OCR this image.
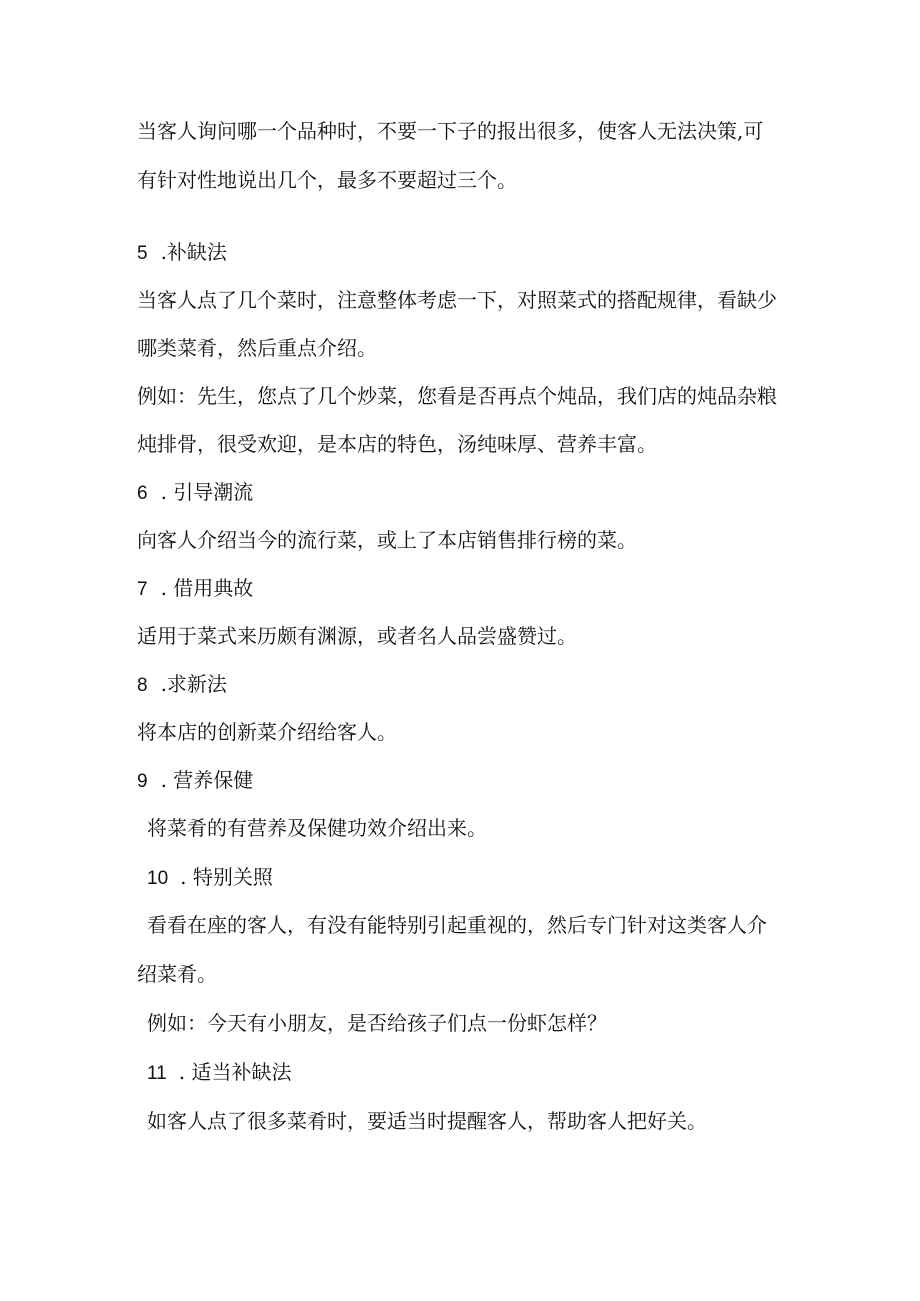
当客人询问哪一个品种时，不要一下子的报出很多，使客人无法决策,可
有针对性地说出几个，最多不要超过三个。
5 .补缺法
当客人点了几个菜时，注意整体考虑一下，对照菜式的搭配规律，看缺少
哪类菜肴，然后重点介绍。
例如：先生，您点了几个炒菜，您看是否再点个炖品，我们店的炖品杂粮
炖排骨，很受欢迎，是本店的特色，汤纯味厚、营养丰富。
6 . 引导潮流
向客人介绍当今的流行菜，或上了本店销售排行榜的菜。
7 . 借用典故
适用于菜式来历颇有渊源，或者名人品尝盛赞过。
8 .求新法
将本店的创新菜介绍给客人。
9 . 营养保健
将菜肴的有营养及保健功效介绍出来。
10 . 特别关照
看看在座的客人，有没有能特别引起重视的，然后专门针对这类客人介
绍菜肴。
例如：今天有小朋友，是否给孩子们点一份虾怎样？
11 . 适当补缺法
如客人点了很多菜肴时，要适当时提醒客人，帮助客人把好关。
